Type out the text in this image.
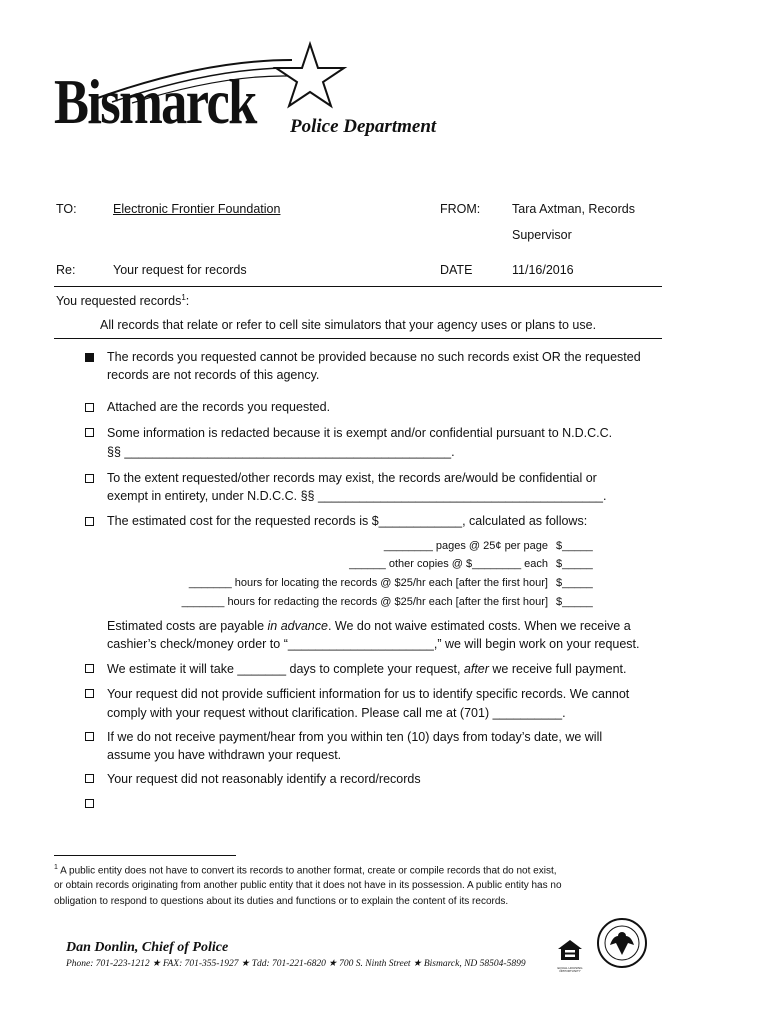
Bismarck Police Department
TO:	Electronic Frontier Foundation	FROM:	Tara Axtman, Records
Supervisor
Re:	Your request for records	DATE	11/16/2016
You requested records$^1$:
All records that relate or refer to cell site simulators that your agency uses or plans to use.
The records you requested cannot be provided because no such records exist OR the requested
records are not records of this agency.
Attached are the records you requested.
Some information is redacted because it is exempt and/or confidential pursuant to N.D.C.C.
§§ _______________________________________________.
To the extent requested/other records may exist, the records are/would be confidential or
exempt in entirety, under N.D.C.C. §§ _________________________________________.
The estimated cost for the requested records is $____________, calculated as follows:
________ pages @ 25¢ per page $_____
______ other copies @ $________ each $_____
_______ hours for locating the records @ $25/hr each [after the first hour] $_____
_______ hours for redacting the records @ $25/hr each [after the first hour] $_____
Estimated costs are payable in advance. We do not waive estimated costs. When we receive a
cashier’s check/money order to “_____________________,” we will begin work on your request.
We estimate it will take _______ days to complete your request, after we receive full payment.
Your request did not provide sufficient information for us to identify specific records. We cannot
comply with your request without clarification. Please call me at (701) __________.
If we do not receive payment/hear from you within ten (10) days from today’s date, we will
assume you have withdrawn your request.
Your request did not reasonably identify a record/records
$^1$ A public entity does not have to convert its records to another format, create or compile records that do not exist,
or obtain records originating from another public entity that it does not have in its possession. A public entity has no
obligation to respond to questions about its duties and functions or to explain the content of its records.
Dan Donlin, Chief of Police
Phone: 701-223-1212 ★ FAX: 701-355-1927 ★ Tdd: 701-221-6820 ★ 700 S. Ninth Street ★ Bismarck, ND 58504-5899	EQUAL HOUSING OPPORTUNITY
